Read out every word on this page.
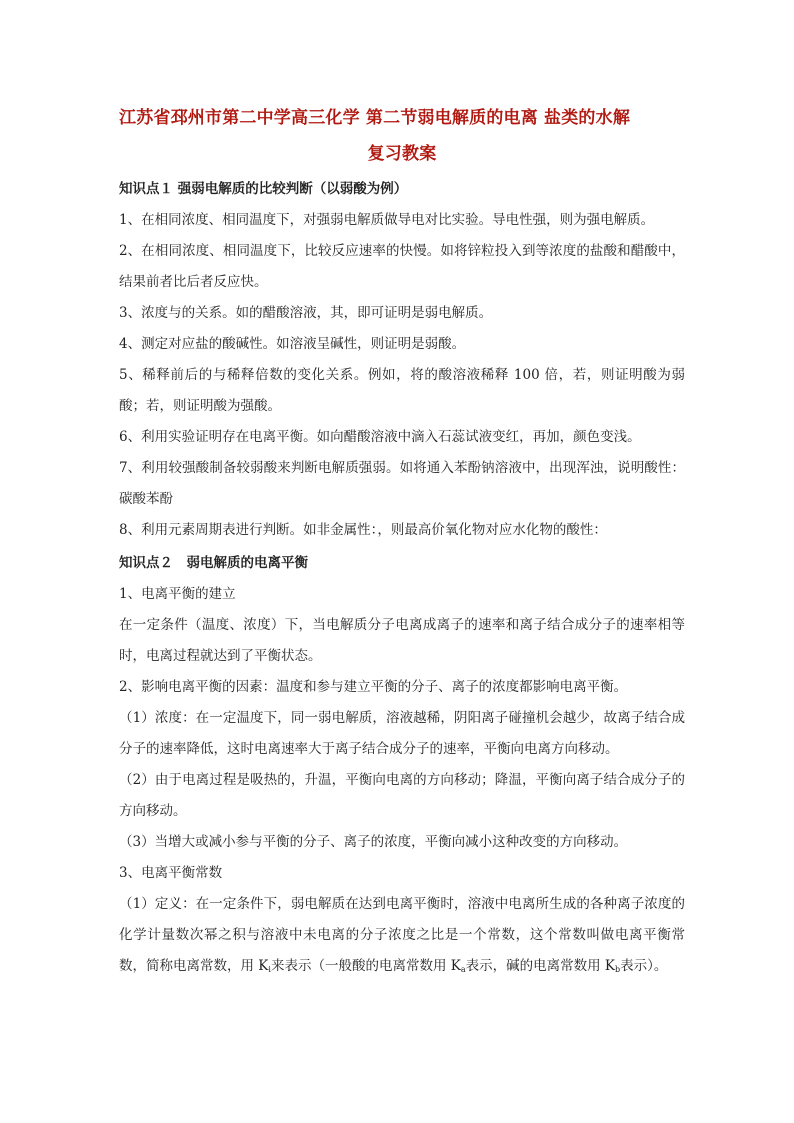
江苏省邳州市第二中学高三化学 第二节弱电解质的电离 盐类的水解
复习教案
知识点１ 强弱电解质的比较判断（以弱酸为例）
1、在相同浓度、相同温度下，对强弱电解质做导电对比实验。导电性强，则为强电解质。
2、在相同浓度、相同温度下，比较反应速率的快慢。如将锌粒投入到等浓度的盐酸和醋酸中，结果前者比后者反应快。
3、浓度与的关系。如的醋酸溶液，其，即可证明是弱电解质。
4、测定对应盐的酸碱性。如溶液呈碱性，则证明是弱酸。
5、稀释前后的与稀释倍数的变化关系。例如，将的酸溶液稀释 100 倍，若，则证明酸为弱酸；若，则证明酸为强酸。
6、利用实验证明存在电离平衡。如向醋酸溶液中滴入石蕊试液变红，再加，颜色变浅。
7、利用较强酸制备较弱酸来判断电解质强弱。如将通入苯酚钠溶液中，出现浑浊，说明酸性：碳酸苯酚
8、利用元素周期表进行判断。如非金属性：，则最高价氧化物对应水化物的酸性：
知识点２　弱电解质的电离平衡
1、电离平衡的建立
在一定条件（温度、浓度）下，当电解质分子电离成离子的速率和离子结合成分子的速率相等时，电离过程就达到了平衡状态。
2、影响电离平衡的因素：温度和参与建立平衡的分子、离子的浓度都影响电离平衡。
（1）浓度：在一定温度下，同一弱电解质，溶液越稀，阴阳离子碰撞机会越少，故离子结合成分子的速率降低，这时电离速率大于离子结合成分子的速率，平衡向电离方向移动。
（2）由于电离过程是吸热的，升温，平衡向电离的方向移动；降温，平衡向离子结合成分子的方向移动。
（3）当增大或减小参与平衡的分子、离子的浓度，平衡向减小这种改变的方向移动。
3、电离平衡常数
（1）定义：在一定条件下，弱电解质在达到电离平衡时，溶液中电离所生成的各种离子浓度的化学计量数次幂之积与溶液中未电离的分子浓度之比是一个常数，这个常数叫做电离平衡常数，简称电离常数，用 $K_i$来表示（一般酸的电离常数用 $K_a$表示，碱的电离常数用 $K_b$表示）。
